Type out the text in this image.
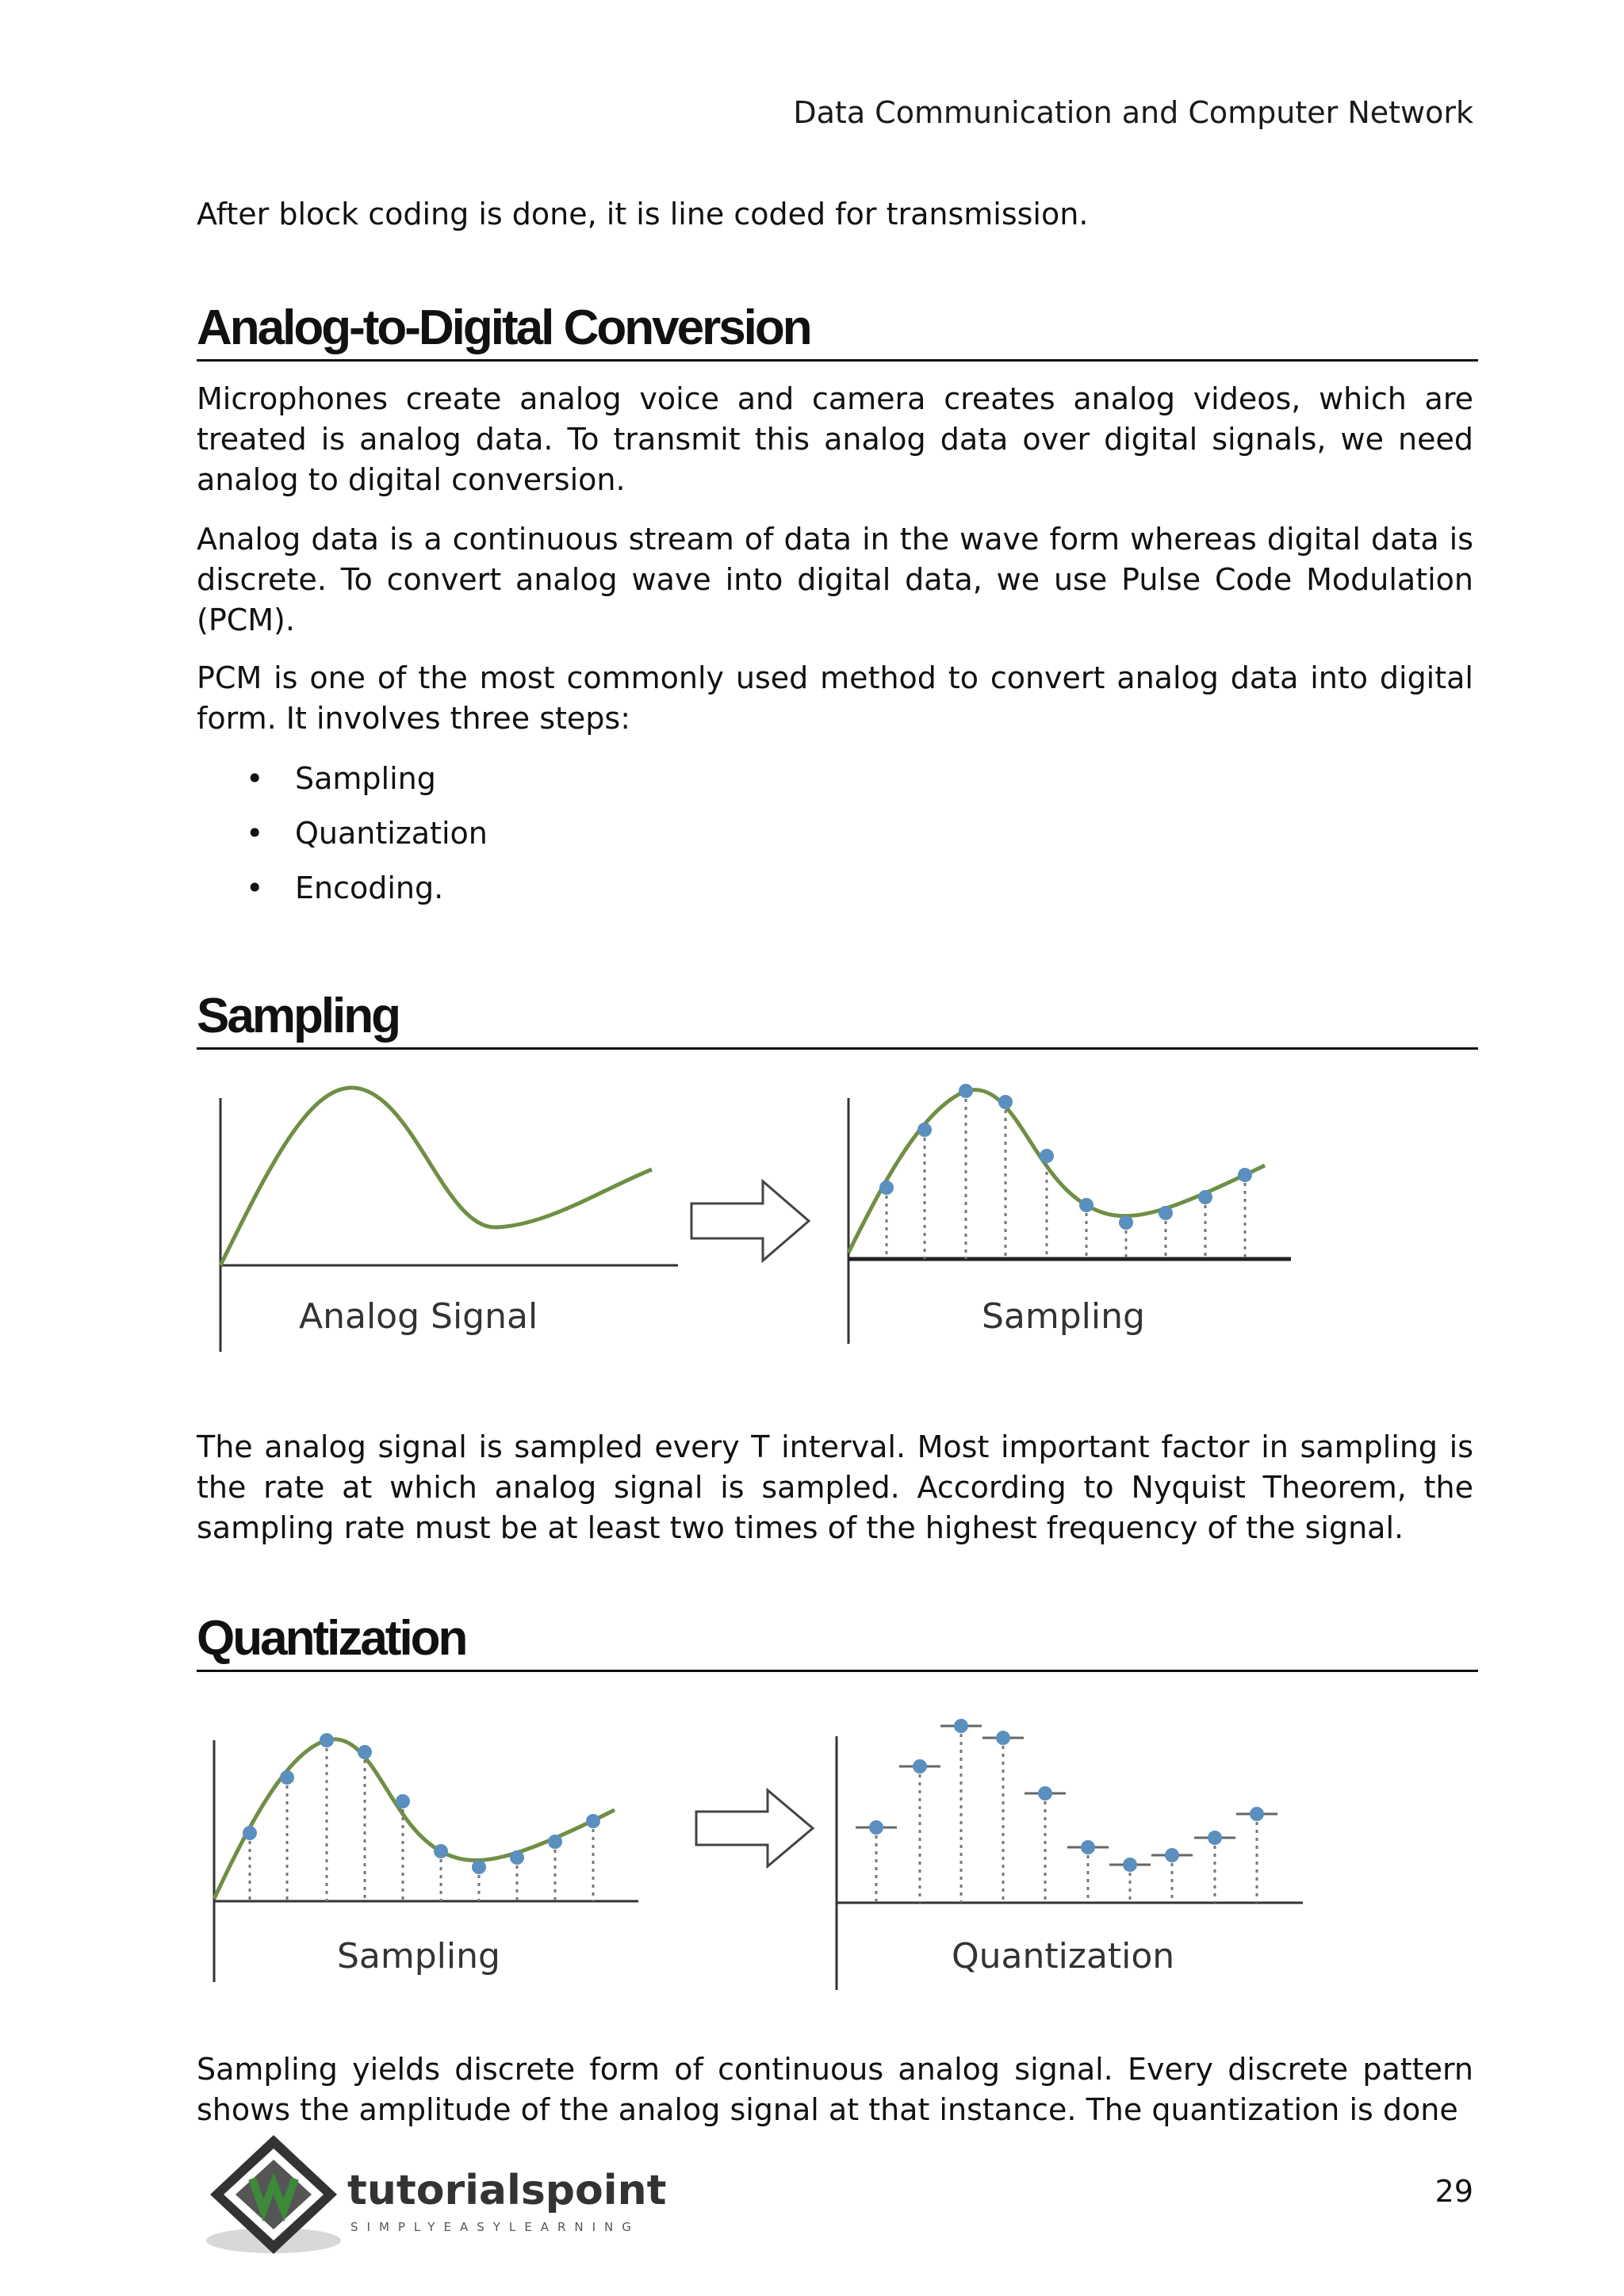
Data Communication and Computer Network
After block coding is done, it is line coded for transmission.
Analog-to-Digital Conversion
Microphones create analog voice and camera creates analog videos, which are treated is analog data. To transmit this analog data over digital signals, we need analog to digital conversion.
Analog data is a continuous stream of data in the wave form whereas digital data is discrete. To convert analog wave into digital data, we use Pulse Code Modulation (PCM).
PCM is one of the most commonly used method to convert analog data into digital form. It involves three steps:
• Sampling
• Quantization
• Encoding.
Sampling
Analog Signal	Sampling
The analog signal is sampled every T interval. Most important factor in sampling is the rate at which analog signal is sampled. According to Nyquist Theorem, the sampling rate must be at least two times of the highest frequency of the signal.
Quantization
Sampling	Quantization
Sampling yields discrete form of continuous analog signal. Every discrete pattern shows the amplitude of the analog signal at that instance. The quantization is done
tutorialspoint
SIMPLYEASYLEARNING
29
